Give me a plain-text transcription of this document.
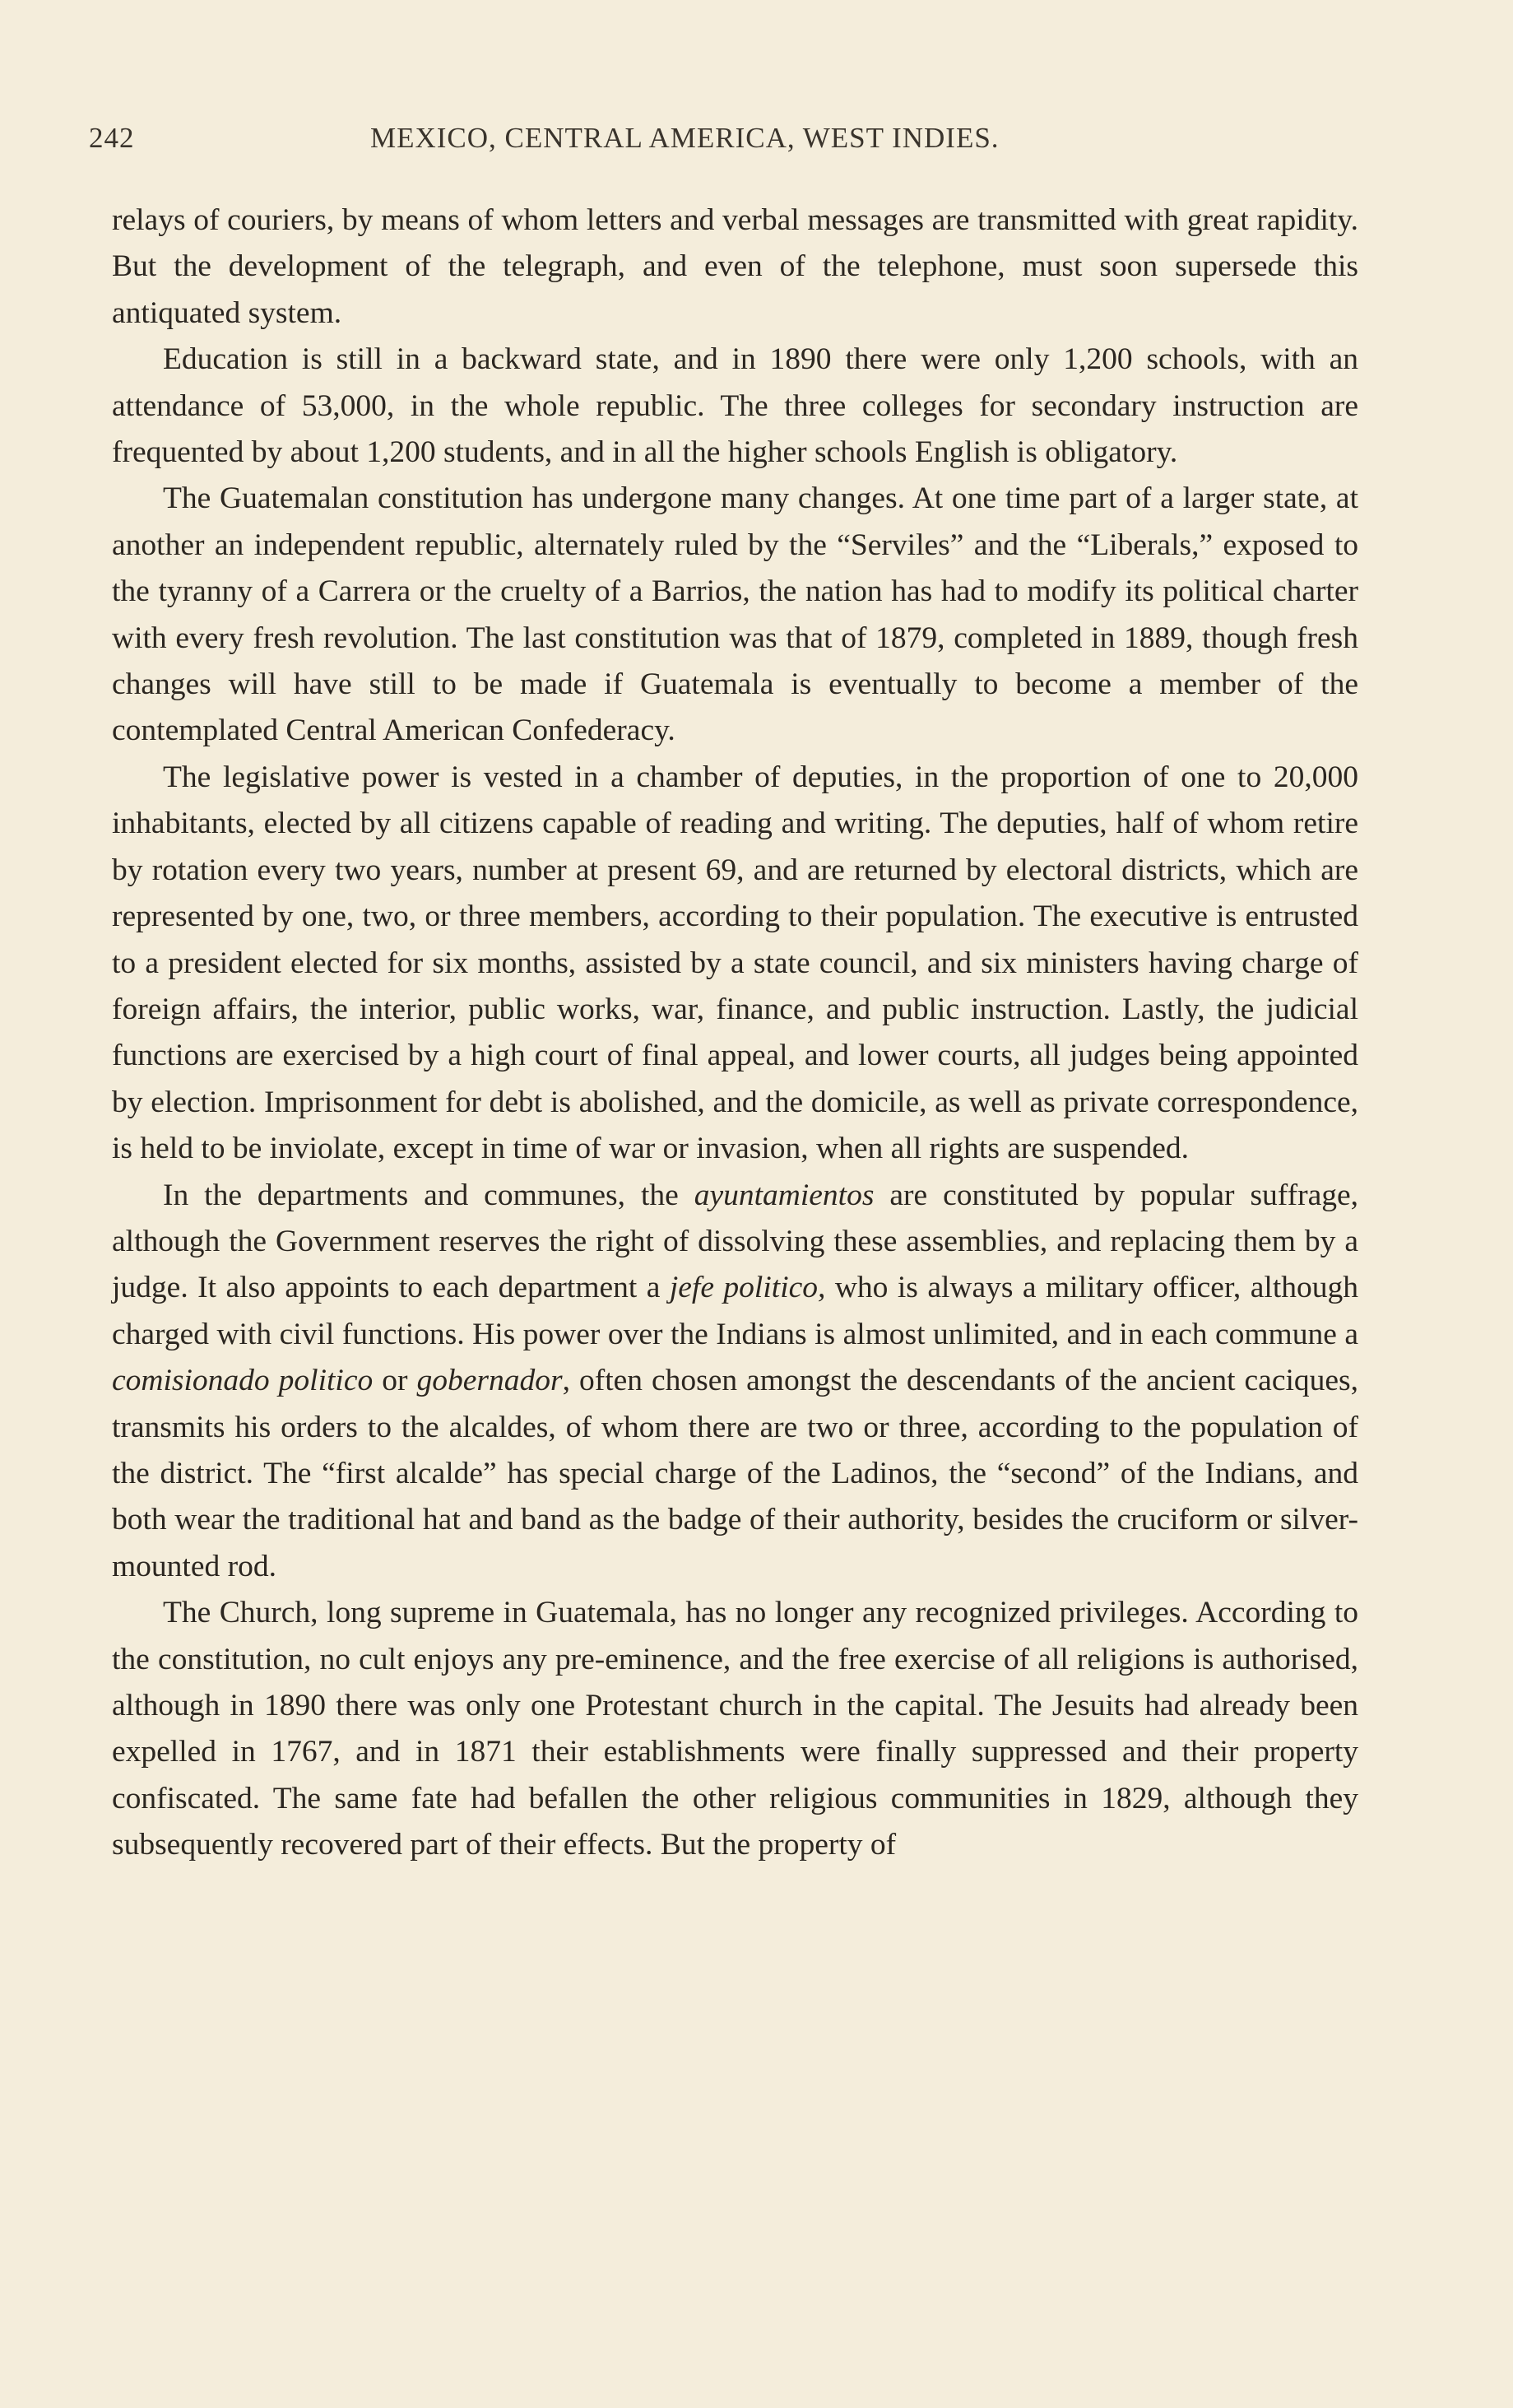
242	MEXICO, CENTRAL AMERICA, WEST INDIES.

relays of couriers, by means of whom letters and verbal messages are transmitted with great rapidity. But the development of the telegraph, and even of the telephone, must soon supersede this antiquated system.

Education is still in a backward state, and in 1890 there were only 1,200 schools, with an attendance of 53,000, in the whole republic. The three colleges for secondary instruction are frequented by about 1,200 students, and in all the higher schools English is obligatory.

The Guatemalan constitution has undergone many changes. At one time part of a larger state, at another an independent republic, alternately ruled by the “Serviles” and the “Liberals,” exposed to the tyranny of a Carrera or the cruelty of a Barrios, the nation has had to modify its political charter with every fresh revolution. The last constitution was that of 1879, completed in 1889, though fresh changes will have still to be made if Guatemala is eventually to become a member of the contemplated Central American Confederacy.

The legislative power is vested in a chamber of deputies, in the proportion of one to 20,000 inhabitants, elected by all citizens capable of reading and writing. The deputies, half of whom retire by rotation every two years, number at present 69, and are returned by electoral districts, which are represented by one, two, or three members, according to their population. The executive is entrusted to a president elected for six months, assisted by a state council, and six ministers having charge of foreign affairs, the interior, public works, war, finance, and public instruction. Lastly, the judicial functions are exercised by a high court of final appeal, and lower courts, all judges being appointed by election. Imprisonment for debt is abolished, and the domicile, as well as private correspondence, is held to be inviolate, except in time of war or invasion, when all rights are suspended.

In the departments and communes, the ayuntamientos are constituted by popular suffrage, although the Government reserves the right of dissolving these assemblies, and replacing them by a judge. It also appoints to each department a jefe politico, who is always a military officer, although charged with civil functions. His power over the Indians is almost unlimited, and in each commune a comisionado politico or gobernador, often chosen amongst the descendants of the ancient caciques, transmits his orders to the alcaldes, of whom there are two or three, according to the population of the district. The “first alcalde” has special charge of the Ladinos, the “second” of the Indians, and both wear the traditional hat and band as the badge of their authority, besides the cruciform or silver-mounted rod.

The Church, long supreme in Guatemala, has no longer any recognized privileges. According to the constitution, no cult enjoys any pre-eminence, and the free exercise of all religions is authorised, although in 1890 there was only one Protestant church in the capital. The Jesuits had already been expelled in 1767, and in 1871 their establishments were finally suppressed and their property confiscated. The same fate had befallen the other religious communities in 1829, although they subsequently recovered part of their effects. But the property of
